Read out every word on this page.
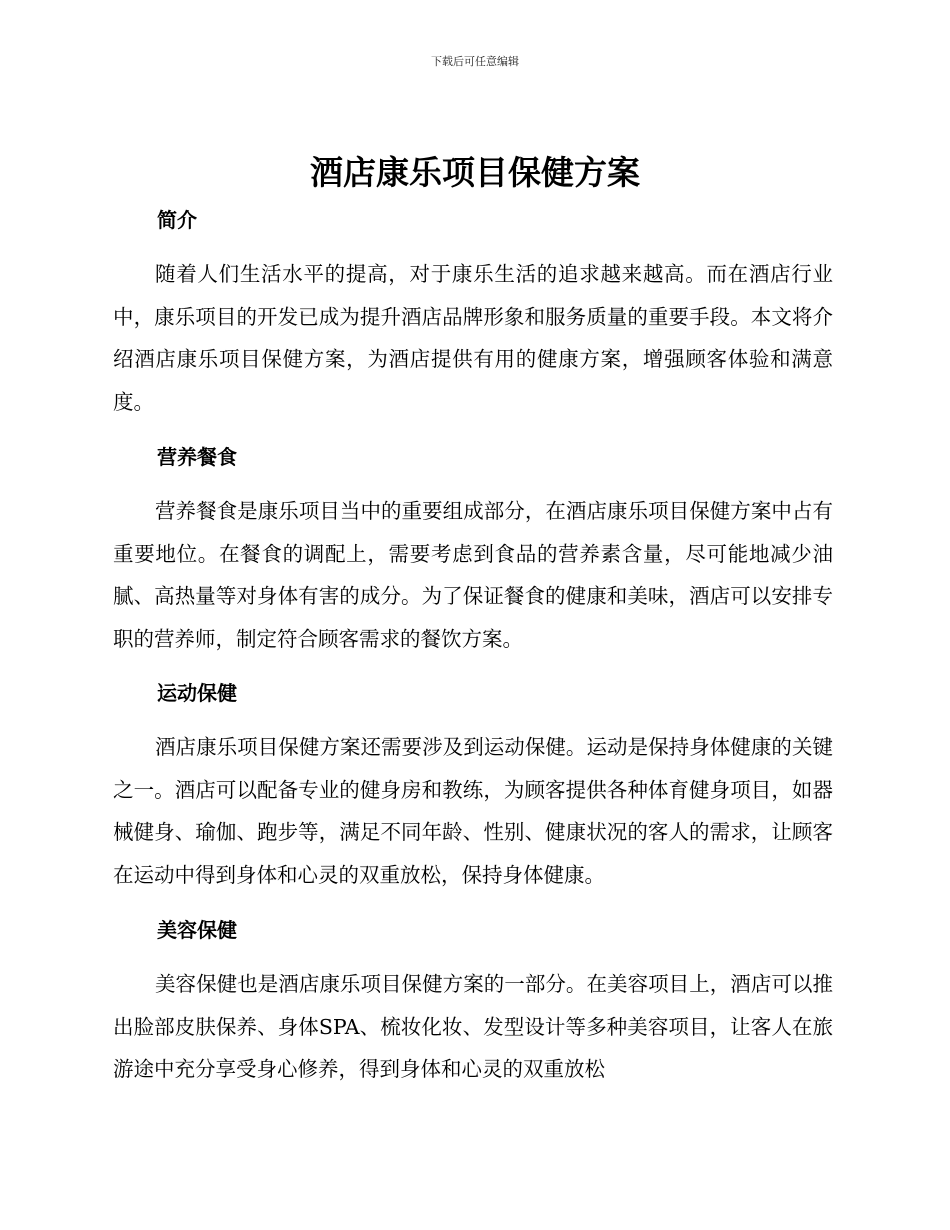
下载后可任意编辑
酒店康乐项目保健方案
简介

随着人们生活水平的提高，对于康乐生活的追求越来越高。而在酒店行业中，康乐项目的开发已成为提升酒店品牌形象和服务质量的重要手段。本文将介绍酒店康乐项目保健方案，为酒店提供有用的健康方案，增强顾客体验和满意度。

营养餐食

营养餐食是康乐项目当中的重要组成部分，在酒店康乐项目保健方案中占有重要地位。在餐食的调配上，需要考虑到食品的营养素含量，尽可能地减少油腻、高热量等对身体有害的成分。为了保证餐食的健康和美味，酒店可以安排专职的营养师，制定符合顾客需求的餐饮方案。

运动保健

酒店康乐项目保健方案还需要涉及到运动保健。运动是保持身体健康的关键之一。酒店可以配备专业的健身房和教练，为顾客提供各种体育健身项目，如器械健身、瑜伽、跑步等，满足不同年龄、性别、健康状况的客人的需求，让顾客在运动中得到身体和心灵的双重放松，保持身体健康。

美容保健

美容保健也是酒店康乐项目保健方案的一部分。在美容项目上，酒店可以推出脸部皮肤保养、身体SPA、梳妆化妆、发型设计等多种美容项目，让客人在旅游途中充分享受身心修养，得到身体和心灵的双重放松
